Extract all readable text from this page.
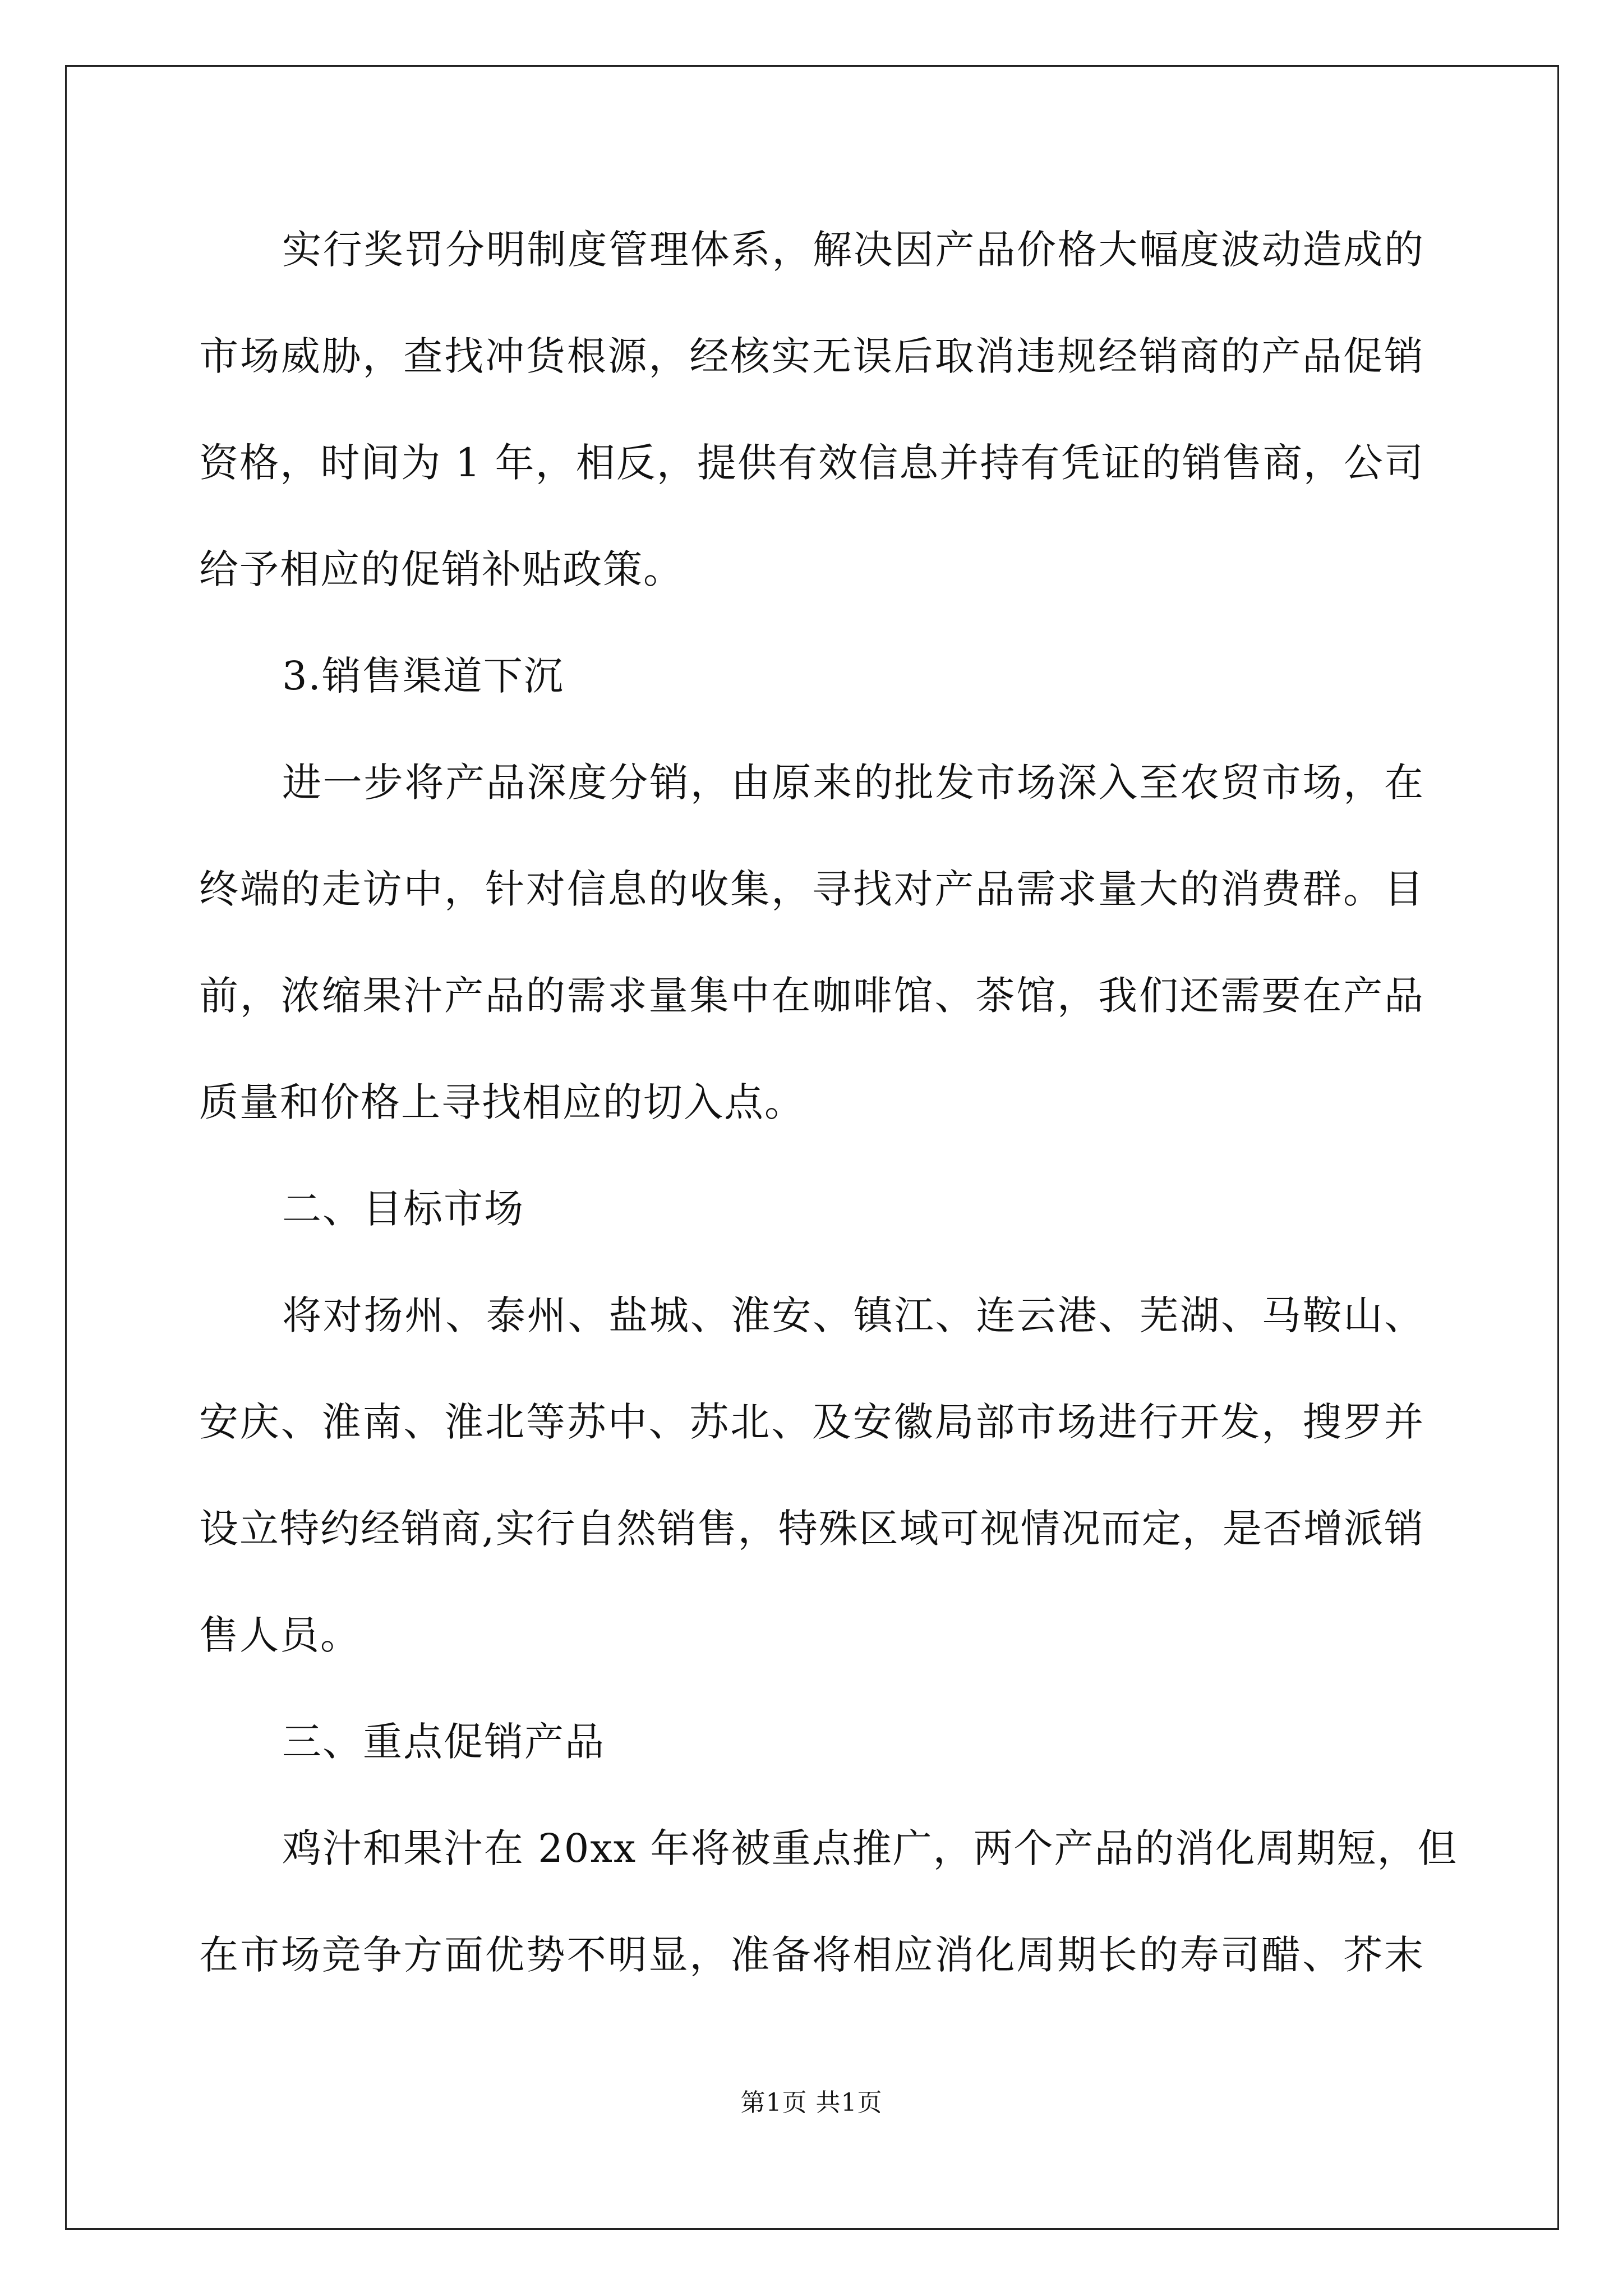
实行奖罚分明制度管理体系，解决因产品价格大幅度波动造成的
市场威胁，查找冲货根源，经核实无误后取消违规经销商的产品促销
资格，时间为 1 年，相反，提供有效信息并持有凭证的销售商，公司
给予相应的促销补贴政策。
3.销售渠道下沉
进一步将产品深度分销，由原来的批发市场深入至农贸市场，在
终端的走访中，针对信息的收集，寻找对产品需求量大的消费群。目
前，浓缩果汁产品的需求量集中在咖啡馆、茶馆，我们还需要在产品
质量和价格上寻找相应的切入点。
二、目标市场
将对扬州、泰州、盐城、淮安、镇江、连云港、芜湖、马鞍山、
安庆、淮南、淮北等苏中、苏北、及安徽局部市场进行开发，搜罗并
设立特约经销商,实行自然销售，特殊区域可视情况而定，是否增派销
售人员。
三、重点促销产品
鸡汁和果汁在 20xx 年将被重点推广，两个产品的消化周期短，但
在市场竞争方面优势不明显，准备将相应消化周期长的寿司醋、芥末
第1页 共1页
